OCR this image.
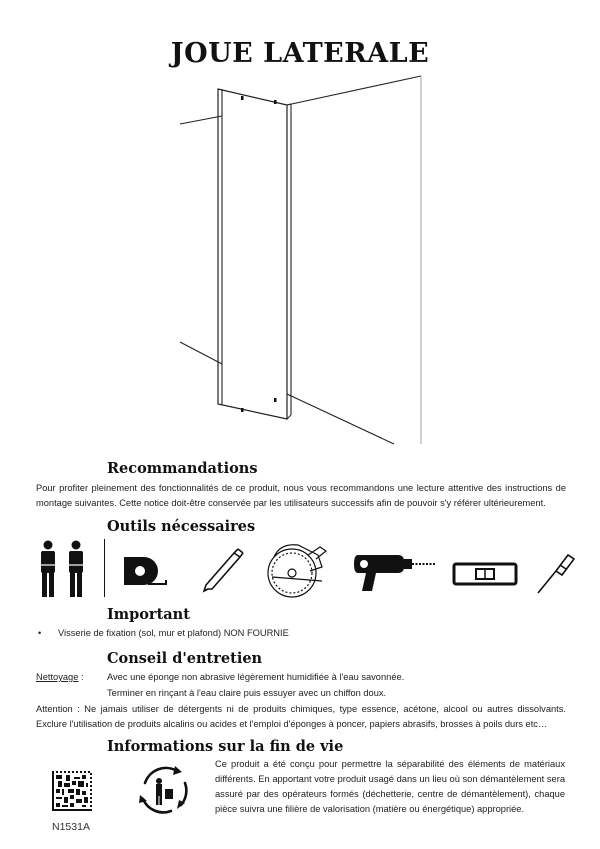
JOUE LATERALE
Recommandations
Pour profiter pleinement des fonctionnalités de ce produit, nous vous recommandons une lecture attentive des instructions de montage suivantes. Cette notice doit-être conservée par les utilisateurs successifs afin de pouvoir s'y référer ultérieurement.
Outils nécessaires
Important
• Visserie de fixation (sol, mur et plafond) NON FOURNIE
Conseil d'entretien
Nettoyage :	Avec une éponge non abrasive légèrement humidifiée à l'eau savonnée.
Terminer en rinçant à l'eau claire puis essuyer avec un chiffon doux.
Attention : Ne jamais utiliser de détergents ni de produits chimiques, type essence, acétone, alcool ou autres dissolvants. Exclure l'utilisation de produits alcalins ou acides et l'emploi d'éponges à poncer, papiers abrasifs, brosses à poils durs etc…
Informations sur la fin de vie
N1531A
Ce produit a été conçu pour permettre la séparabilité des éléments de matériaux différents. En apportant votre produit usagé dans un lieu où son démantèlement sera assuré par des opérateurs formés (déchetterie, centre de démantèlement), chaque pièce suivra une filière de valorisation (matière ou énergétique) appropriée.
